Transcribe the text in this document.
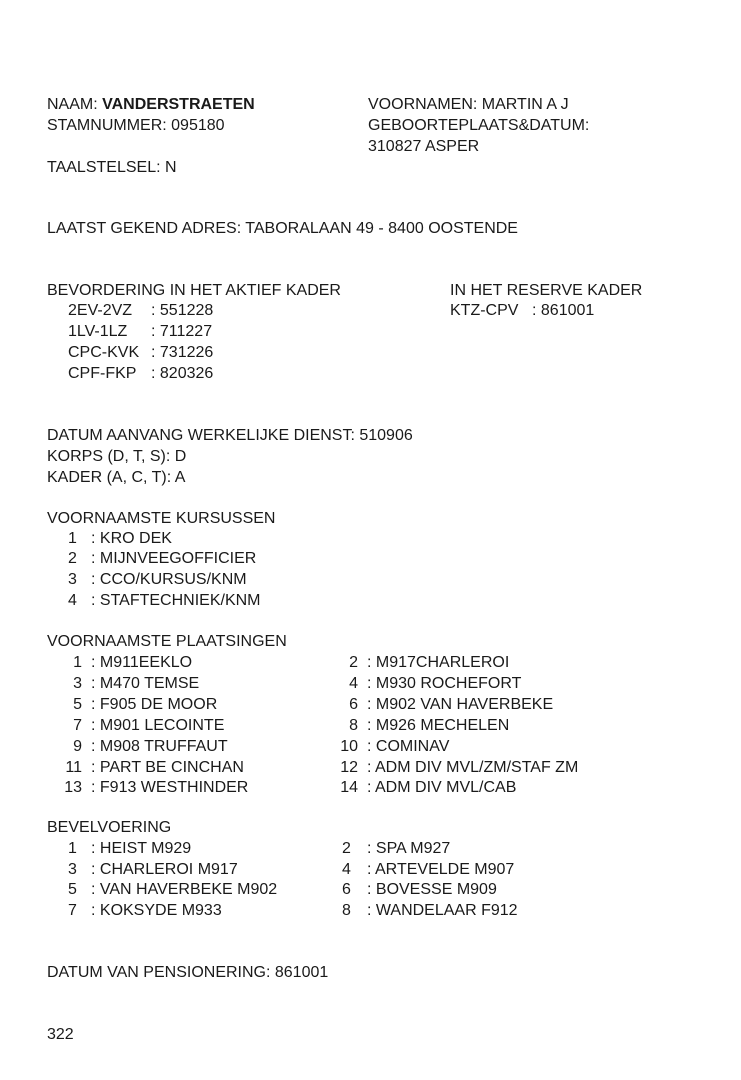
NAAM: VANDERSTRAETEN	VOORNAMEN: MARTIN A J
STAMNUMMER: 095180	GEBOORTEPLAATS&DATUM:
310827 ASPER
TAALSTELSEL: N
LAATST GEKEND ADRES: TABORALAAN 49 - 8400 OOSTENDE
BEVORDERING IN HET AKTIEF KADER	IN HET RESERVE KADER
2EV-2VZ : 551228
1LV-1LZ : 711227
CPC-KVK : 731226
CPF-FKP : 820326
KTZ-CPV : 861001
DATUM AANVANG WERKELIJKE DIENST: 510906
KORPS (D, T, S): D
KADER (A, C, T): A
VOORNAAMSTE KURSUSSEN
1 : KRO DEK
2 : MIJNVEEGOFFICIER
3 : CCO/KURSUS/KNM
4 : STAFTECHNIEK/KNM
VOORNAAMSTE PLAATSINGEN
1 : M911EEKLO	2 : M917CHARLEROI
3 : M470 TEMSE	4 : M930 ROCHEFORT
5 : F905 DE MOOR	6 : M902 VAN HAVERBEKE
7 : M901 LECOINTE	8 : M926 MECHELEN
9 : M908 TRUFFAUT	10 : COMINAV
11 : PART BE CINCHAN	12 : ADM DIV MVL/ZM/STAF ZM
13 : F913 WESTHINDER	14 : ADM DIV MVL/CAB
BEVELVOERING
1 : HEIST M929	2 : SPA M927
3 : CHARLEROI M917	4 : ARTEVELDE M907
5 : VAN HAVERBEKE M902	6 : BOVESSE M909
7 : KOKSYDE M933	8 : WANDELAAR F912
DATUM VAN PENSIONERING: 861001
322
